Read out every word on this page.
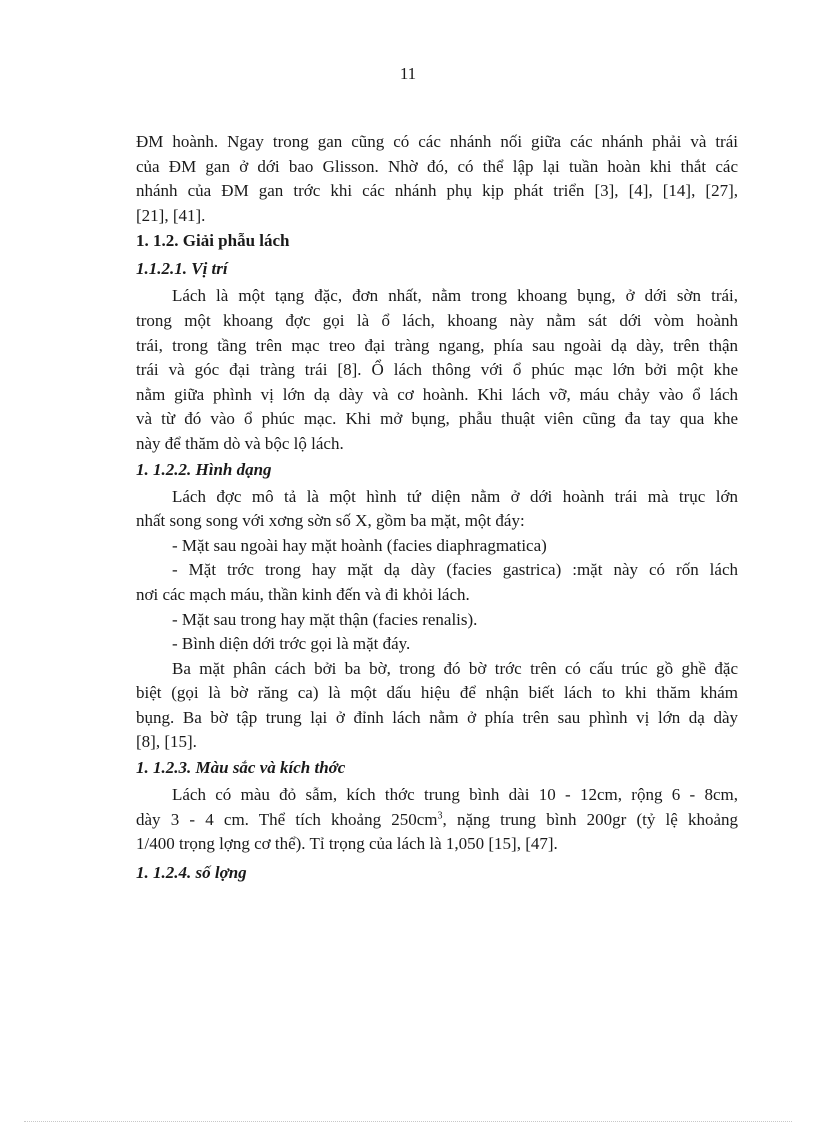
11
ĐM hoành. Ngay trong gan cũng có các nhánh nối giữa các nhánh phải và trái
của ĐM gan ở dới bao Glisson. Nhờ đó, có thể lập lại tuần hoàn khi thắt các
nhánh của ĐM gan trớc khi các nhánh phụ kịp phát triển [3], [4], [14], [27],
[21], [41].
1. 1.2. Giải phẫu lách
1.1.2.1. Vị trí
Lách là một tạng đặc, đơn nhất, nằm trong khoang bụng, ở dới sờn trái,
trong một khoang đợc gọi là ổ lách, khoang này nằm sát dới vòm hoành
trái, trong tầng trên mạc treo đại tràng ngang, phía sau ngoài dạ dày, trên thận
trái và góc đại tràng trái [8]. Ổ lách thông với ổ phúc mạc lớn bởi một khe
nằm giữa phình vị lớn dạ dày và cơ hoành. Khi lách vỡ, máu chảy vào ổ lách
và từ đó vào ổ phúc mạc. Khi mở bụng, phẫu thuật viên cũng đa tay qua khe
này để thăm dò và bộc lộ lách.
1. 1.2.2. Hình dạng
Lách đợc mô tả là một hình tứ diện nằm ở dới hoành trái mà trục lớn
nhất song song với xơng sờn số X, gồm ba mặt, một đáy:
- Mặt sau ngoài hay mặt hoành (facies diaphragmatica)
- Mặt trớc trong hay mặt dạ dày (facies gastrica) :mặt này có rốn lách
nơi các mạch máu, thần kinh đến và đi khỏi lách.
- Mặt sau trong hay mặt thận (facies renalis).
- Bình diện dới trớc gọi là mặt đáy.
Ba mặt phân cách bởi ba bờ, trong đó bờ trớc trên có cấu trúc gồ ghề đặc
biệt (gọi là bờ răng ca) là một dấu hiệu để nhận biết lách to khi thăm khám
bụng. Ba bờ tập trung lại ở đỉnh lách nằm ở phía trên sau phình vị lớn dạ dày
[8], [15].
1. 1.2.3. Màu sắc và kích thớc
Lách có màu đỏ sẫm, kích thớc trung bình dài 10 - 12cm, rộng 6 - 8cm,
dày 3 - 4 cm. Thể tích khoảng $250cm^3$, nặng trung bình 200gr (tỷ lệ khoảng
1/400 trọng lợng cơ thể). Tỉ trọng của lách là 1,050 [15], [47].
1. 1.2.4. số lợng
